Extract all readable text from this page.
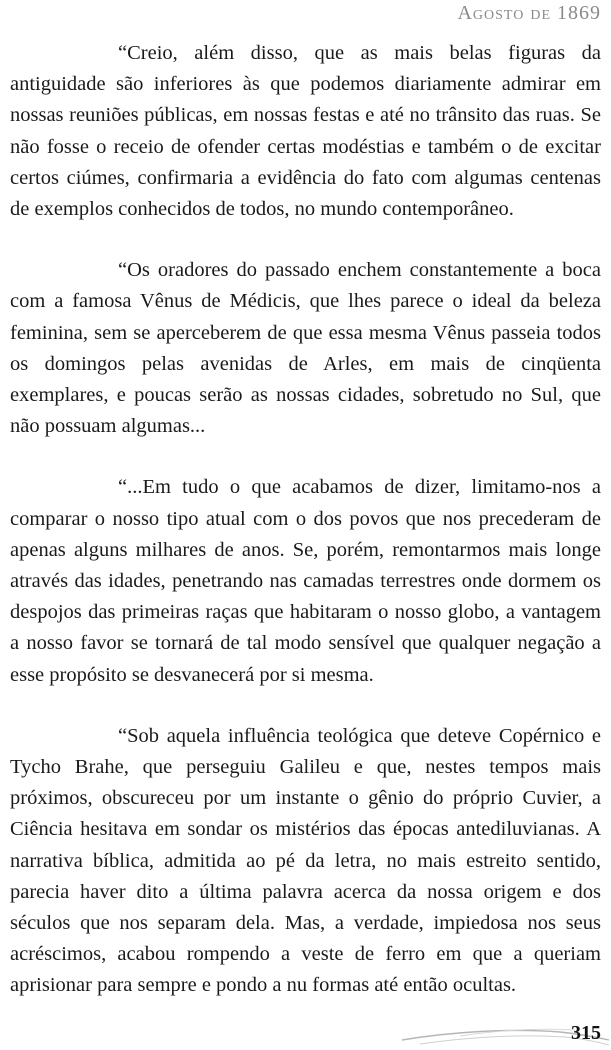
Agosto de 1869

“Creio, além disso, que as mais belas figuras da antiguidade são inferiores às que podemos diariamente admirar em nossas reuniões públicas, em nossas festas e até no trânsito das ruas. Se não fosse o receio de ofender certas modéstias e também o de excitar certos ciúmes, confirmaria a evidência do fato com algumas centenas de exemplos conhecidos de todos, no mundo contemporâneo.

“Os oradores do passado enchem constantemente a boca com a famosa Vênus de Médicis, que lhes parece o ideal da beleza feminina, sem se aperceberem de que essa mesma Vênus passeia todos os domingos pelas avenidas de Arles, em mais de cinqüenta exemplares, e poucas serão as nossas cidades, sobretudo no Sul, que não possuam algumas...

“...Em tudo o que acabamos de dizer, limitamo-nos a comparar o nosso tipo atual com o dos povos que nos precederam de apenas alguns milhares de anos. Se, porém, remontarmos mais longe através das idades, penetrando nas camadas terrestres onde dormem os despojos das primeiras raças que habitaram o nosso globo, a vantagem a nosso favor se tornará de tal modo sensível que qualquer negação a esse propósito se desvanecerá por si mesma.

“Sob aquela influência teológica que deteve Copérnico e Tycho Brahe, que perseguiu Galileu e que, nestes tempos mais próximos, obscureceu por um instante o gênio do próprio Cuvier, a Ciência hesitava em sondar os mistérios das épocas antediluvianas. A narrativa bíblica, admitida ao pé da letra, no mais estreito sentido, parecia haver dito a última palavra acerca da nossa origem e dos séculos que nos separam dela. Mas, a verdade, impiedosa nos seus acréscimos, acabou rompendo a veste de ferro em que a queriam aprisionar para sempre e pondo a nu formas até então ocultas.

315
